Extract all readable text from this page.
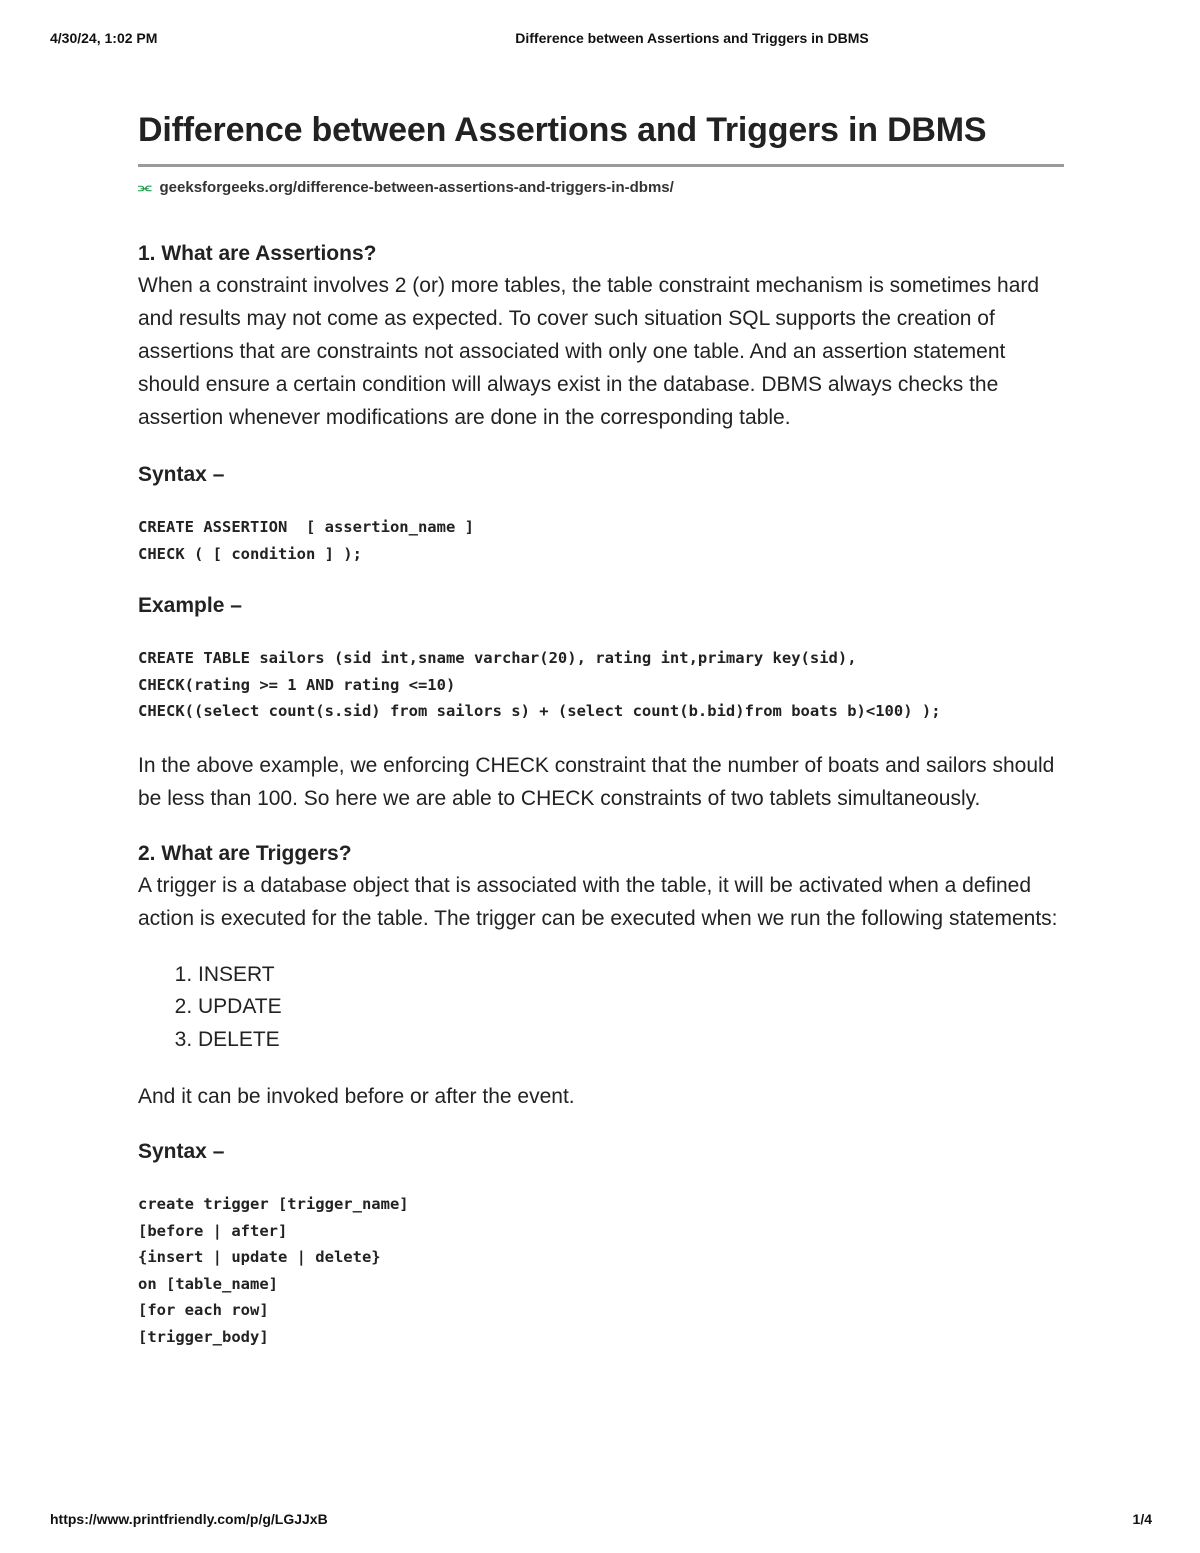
4/30/24, 1:02 PM	Difference between Assertions and Triggers in DBMS
Difference between Assertions and Triggers in DBMS
⫘ geeksforgeeks.org/difference-between-assertions-and-triggers-in-dbms/
1. What are Assertions?

When a constraint involves 2 (or) more tables, the table constraint mechanism is sometimes hard and results may not come as expected. To cover such situation SQL supports the creation of assertions that are constraints not associated with only one table. And an assertion statement should ensure a certain condition will always exist in the database. DBMS always checks the assertion whenever modifications are done in the corresponding table.

Syntax –
CREATE ASSERTION  [ assertion_name ]
CHECK ( [ condition ] );
Example –
CREATE TABLE sailors (sid int,sname varchar(20), rating int,primary key(sid),
CHECK(rating >= 1 AND rating <=10)
CHECK((select count(s.sid) from sailors s) + (select count(b.bid)from boats b)<100) );

In the above example, we enforcing CHECK constraint that the number of boats and sailors should be less than 100. So here we are able to CHECK constraints of two tablets simultaneously.

2. What are Triggers?

A trigger is a database object that is associated with the table, it will be activated when a defined action is executed for the table. The trigger can be executed when we run the following statements:

1. INSERT
2. UPDATE
3. DELETE

And it can be invoked before or after the event.

Syntax –
create trigger [trigger_name]
[before | after]
{insert | update | delete}
on [table_name]
[for each row]
[trigger_body]
https://www.printfriendly.com/p/g/LGJJxB	1/4
